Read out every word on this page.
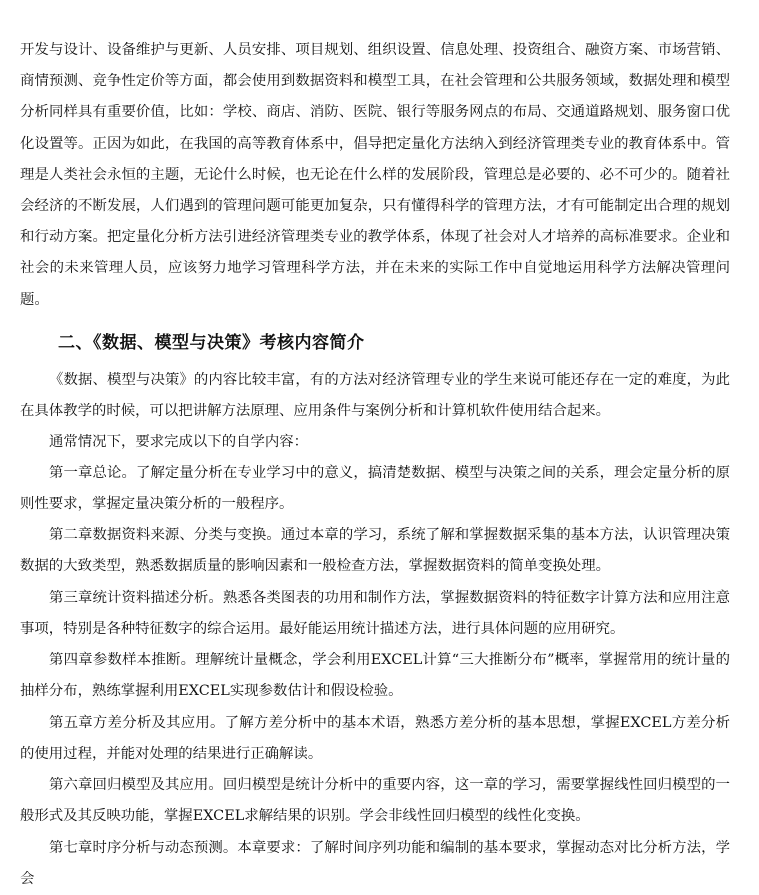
开发与设计、设备维护与更新、人员安排、项目规划、组织设置、信息处理、投资组合、融资方案、市场营销、商情预测、竞争性定价等方面，都会使用到数据资料和模型工具，在社会管理和公共服务领域，数据处理和模型分析同样具有重要价值，比如：学校、商店、消防、医院、银行等服务网点的布局、交通道路规划、服务窗口优化设置等。正因为如此，在我国的高等教育体系中，倡导把定量化方法纳入到经济管理类专业的教育体系中。管理是人类社会永恒的主题，无论什么时候，也无论在什么样的发展阶段，管理总是必要的、必不可少的。随着社会经济的不断发展，人们遇到的管理问题可能更加复杂，只有懂得科学的管理方法，才有可能制定出合理的规划和行动方案。把定量化分析方法引进经济管理类专业的教学体系，体现了社会对人才培养的高标准要求。企业和社会的未来管理人员，应该努力地学习管理科学方法，并在未来的实际工作中自觉地运用科学方法解决管理问题。

二、《数据、模型与决策》考核内容简介

《数据、模型与决策》的内容比较丰富，有的方法对经济管理专业的学生来说可能还存在一定的难度，为此在具体教学的时候，可以把讲解方法原理、应用条件与案例分析和计算机软件使用结合起来。

通常情况下，要求完成以下的自学内容：

第一章总论。了解定量分析在专业学习中的意义，搞清楚数据、模型与决策之间的关系，理会定量分析的原则性要求，掌握定量决策分析的一般程序。

第二章数据资料来源、分类与变换。通过本章的学习，系统了解和掌握数据采集的基本方法，认识管理决策数据的大致类型，熟悉数据质量的影响因素和一般检查方法，掌握数据资料的简单变换处理。

第三章统计资料描述分析。熟悉各类图表的功用和制作方法，掌握数据资料的特征数字计算方法和应用注意事项，特别是各种特征数字的综合运用。最好能运用统计描述方法，进行具体问题的应用研究。

第四章参数样本推断。理解统计量概念，学会利用EXCEL计算“三大推断分布”概率，掌握常用的统计量的抽样分布，熟练掌握利用EXCEL实现参数估计和假设检验。

第五章方差分析及其应用。了解方差分析中的基本术语，熟悉方差分析的基本思想，掌握EXCEL方差分析的使用过程，并能对处理的结果进行正确解读。

第六章回归模型及其应用。回归模型是统计分析中的重要内容，这一章的学习，需要掌握线性回归模型的一般形式及其反映功能，掌握EXCEL求解结果的识别。学会非线性回归模型的线性化变换。

第七章时序分析与动态预测。本章要求：了解时间序列功能和编制的基本要求，掌握动态对比分析方法，学会
